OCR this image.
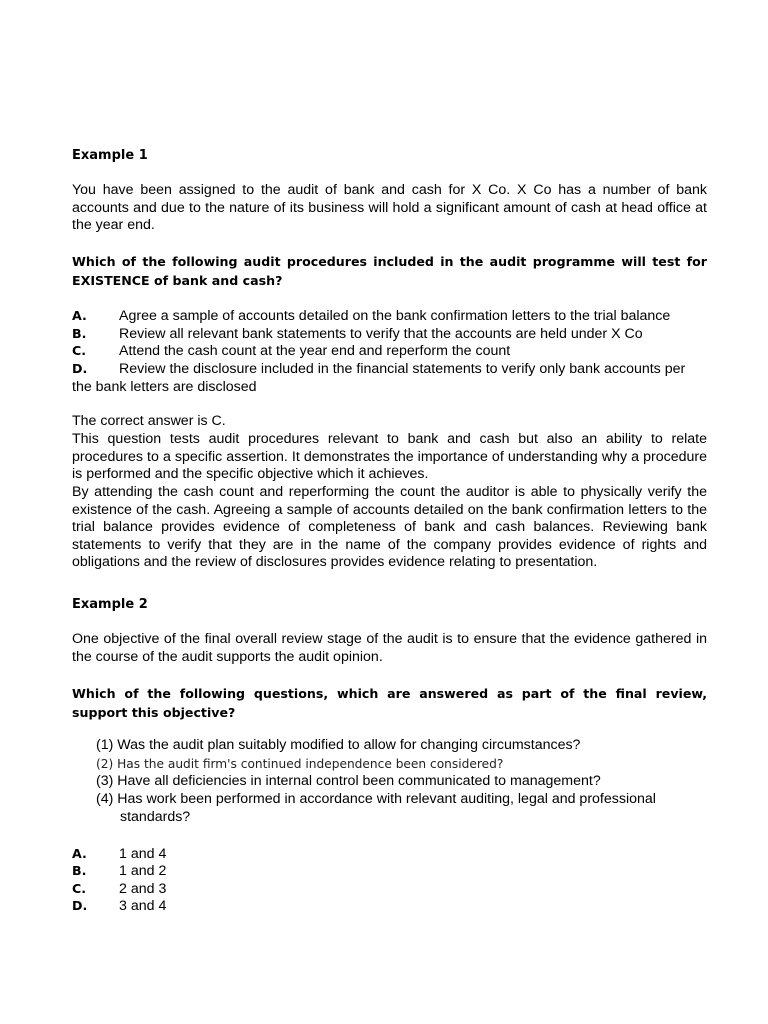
Example 1
You have been assigned to the audit of bank and cash for X Co. X Co has a number of bank accounts and due to the nature of its business will hold a significant amount of cash at head office at the year end.
Which of the following audit procedures included in the audit programme will test for EXISTENCE of bank and cash?
A. Agree a sample of accounts detailed on the bank confirmation letters to the trial balance
B. Review all relevant bank statements to verify that the accounts are held under X Co
C. Attend the cash count at the year end and reperform the count
D. Review the disclosure included in the financial statements to verify only bank accounts per
the bank letters are disclosed
The correct answer is C.
This question tests audit procedures relevant to bank and cash but also an ability to relate procedures to a specific assertion. It demonstrates the importance of understanding why a procedure is performed and the specific objective which it achieves.
By attending the cash count and reperforming the count the auditor is able to physically verify the existence of the cash. Agreeing a sample of accounts detailed on the bank confirmation letters to the trial balance provides evidence of completeness of bank and cash balances. Reviewing bank statements to verify that they are in the name of the company provides evidence of rights and obligations and the review of disclosures provides evidence relating to presentation.
Example 2
One objective of the final overall review stage of the audit is to ensure that the evidence gathered in the course of the audit supports the audit opinion.
Which of the following questions, which are answered as part of the final review, support this objective?
(1) Was the audit plan suitably modified to allow for changing circumstances?
(2) Has the audit firm's continued independence been considered?
(3) Have all deficiencies in internal control been communicated to management?
(4) Has work been performed in accordance with relevant auditing, legal and professional
standards?
A. 1 and 4
B. 1 and 2
C. 2 and 3
D. 3 and 4
